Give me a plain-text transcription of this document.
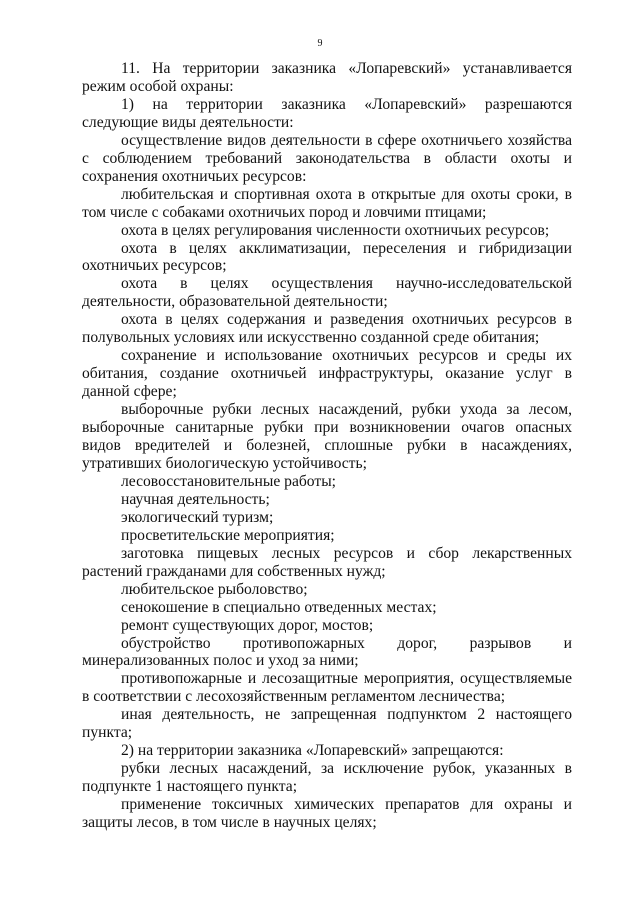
9

11. На территории заказника «Лопаревский» устанавливается режим особой охраны:

1) на территории заказника «Лопаревский» разрешаются следующие виды деятельности:

осуществление видов деятельности в сфере охотничьего хозяйства с соблюдением требований законодательства в области охоты и сохранения охотничьих ресурсов:

любительская и спортивная охота в открытые для охоты сроки, в том числе с собаками охотничьих пород и ловчими птицами;

охота в целях регулирования численности охотничьих ресурсов;

охота в целях акклиматизации, переселения и гибридизации охотничьих ресурсов;

охота в целях осуществления научно-исследовательской деятельности, образовательной деятельности;

охота в целях содержания и разведения охотничьих ресурсов в полувольных условиях или искусственно созданной среде обитания;

сохранение и использование охотничьих ресурсов и среды их обитания, создание охотничьей инфраструктуры, оказание услуг в данной сфере;

выборочные рубки лесных насаждений, рубки ухода за лесом, выборочные санитарные рубки при возникновении очагов опасных видов вредителей и болезней, сплошные рубки в насаждениях, утративших биологическую устойчивость;

лесовосстановительные работы;

научная деятельность;

экологический туризм;

просветительские мероприятия;

заготовка пищевых лесных ресурсов и сбор лекарственных растений гражданами для собственных нужд;

любительское рыболовство;

сенокошение в специально отведенных местах;

ремонт существующих дорог, мостов;

обустройство противопожарных дорог, разрывов и минерализованных полос и уход за ними;

противопожарные и лесозащитные мероприятия, осуществляемые в соответствии с лесохозяйственным регламентом лесничества;

иная деятельность, не запрещенная подпунктом 2 настоящего пункта;

2) на территории заказника «Лопаревский» запрещаются:

рубки лесных насаждений, за исключение рубок, указанных в подпункте 1 настоящего пункта;

применение токсичных химических препаратов для охраны и защиты лесов, в том числе в научных целях;
